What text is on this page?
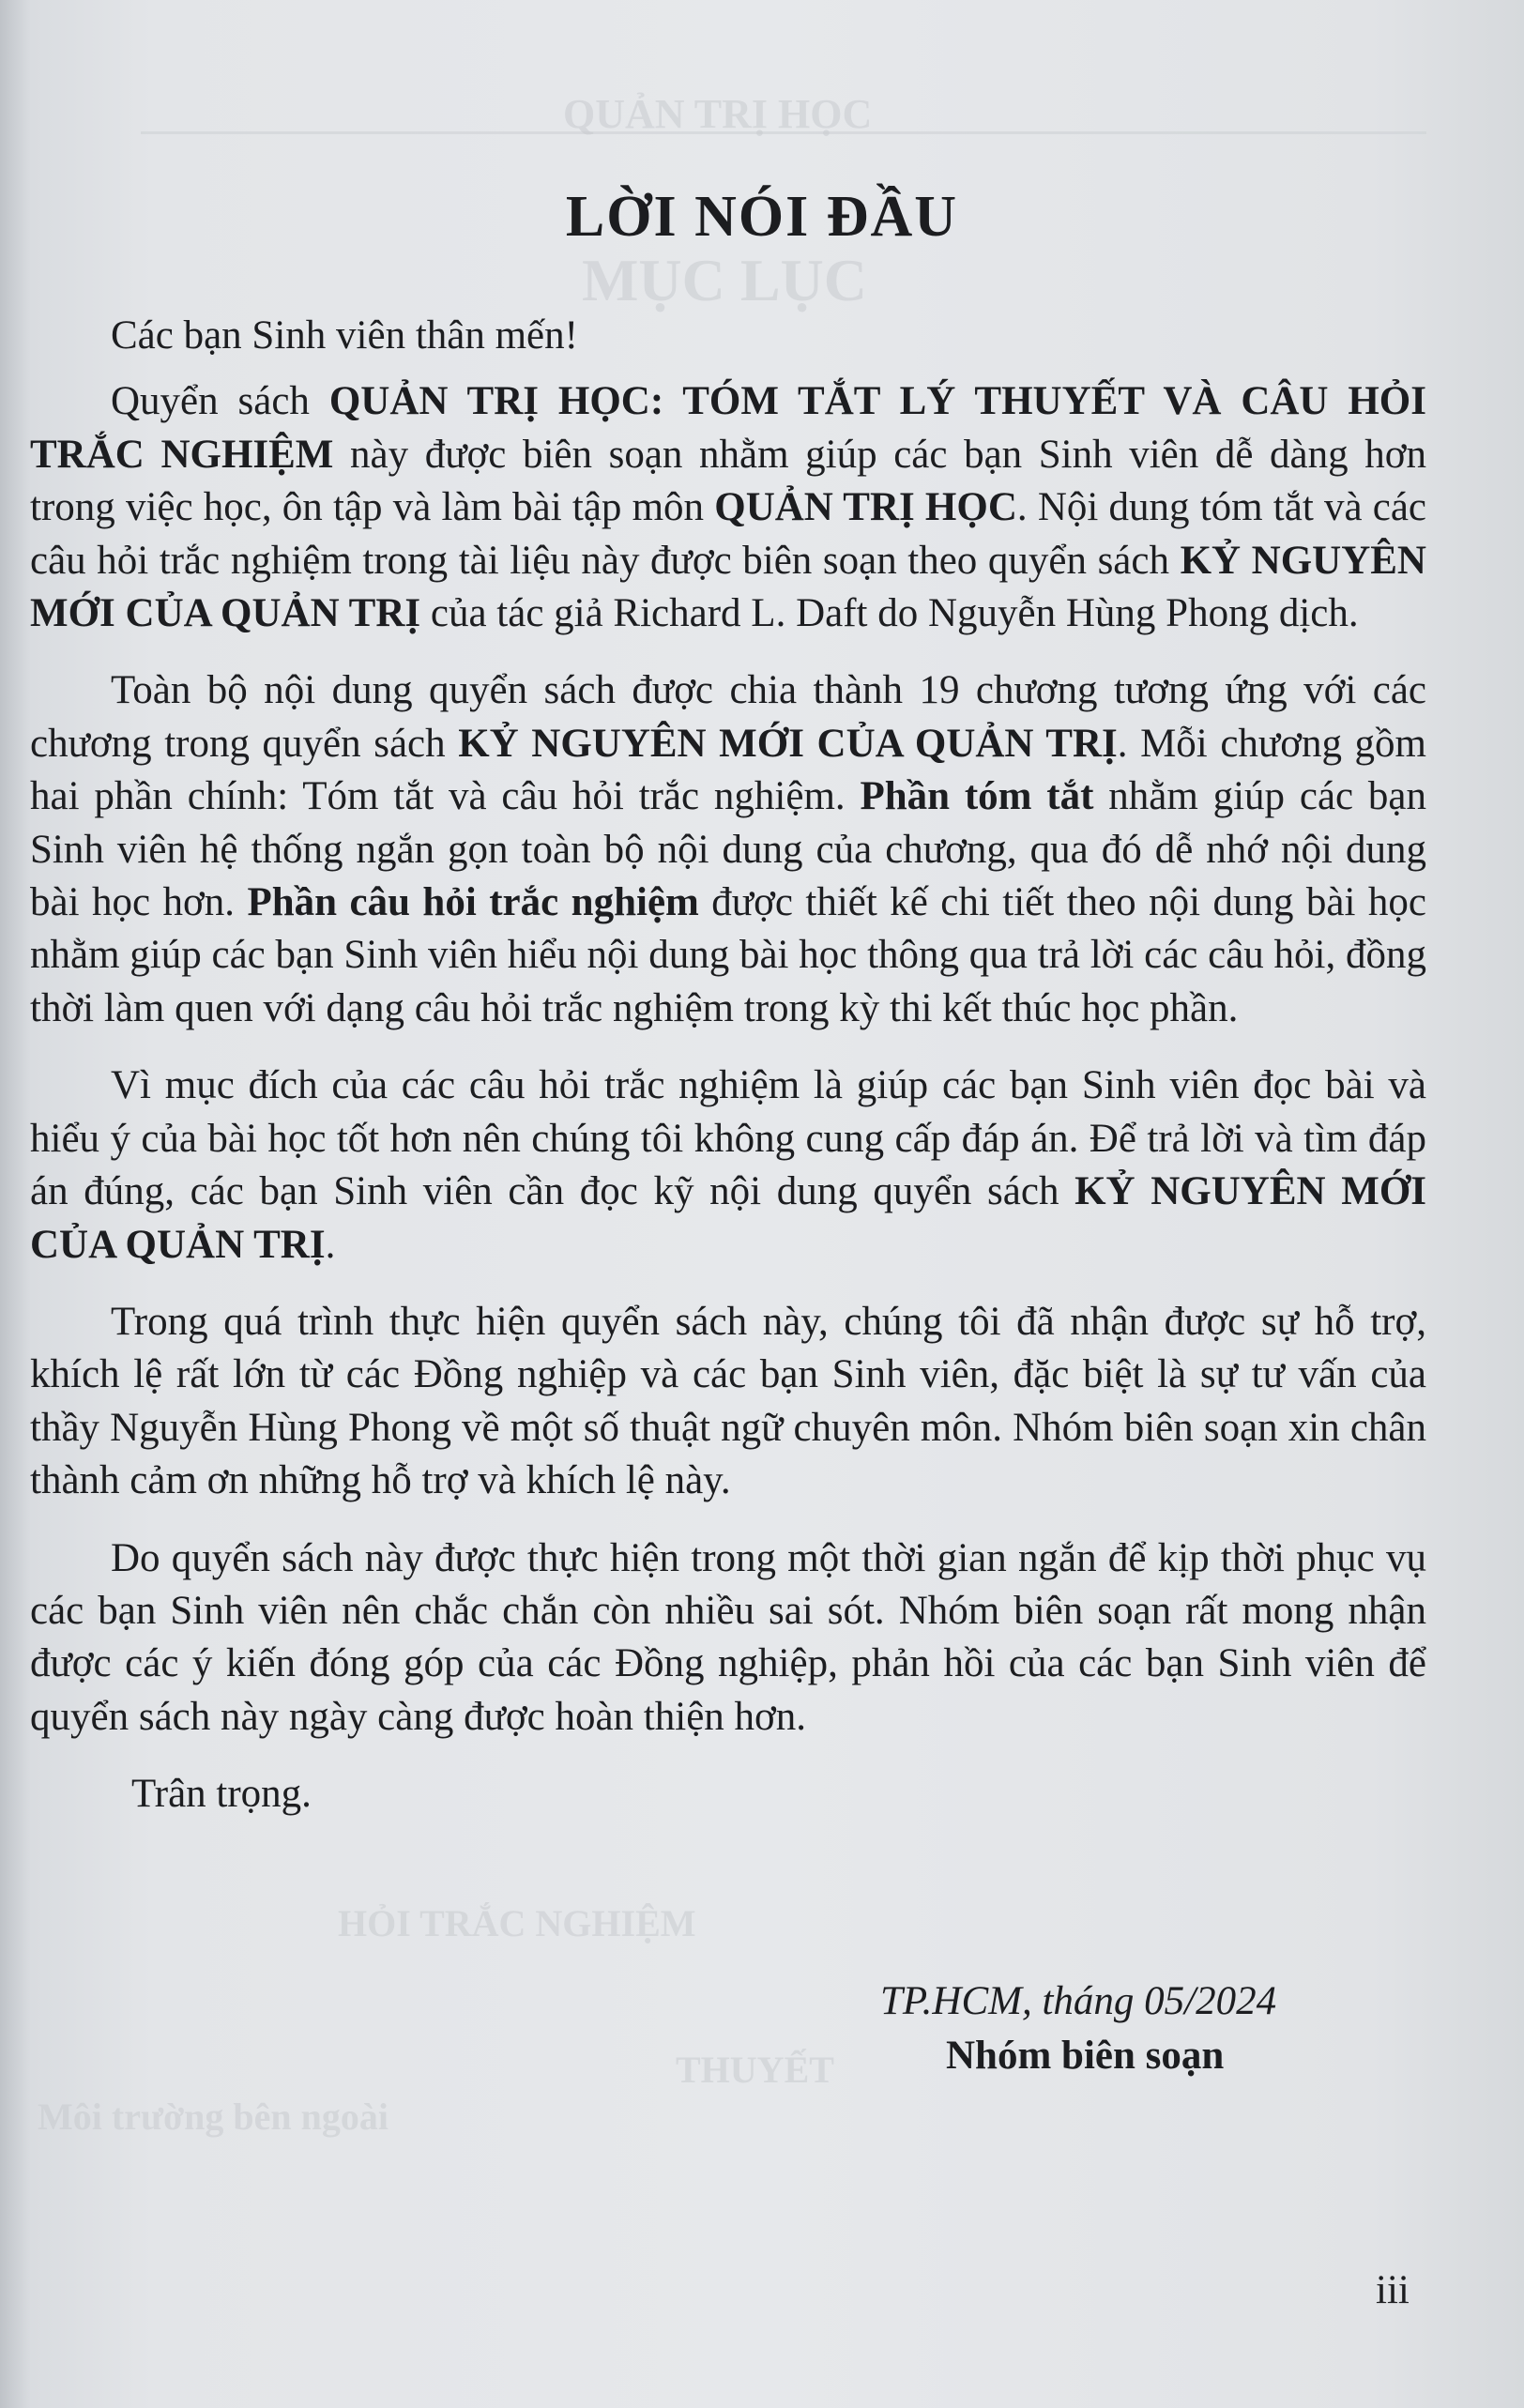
QUẢN TRỊ HỌC
MỤC LỤC
HỎI TRẮC NGHIỆM
THUYẾT
Môi trường bên ngoài
LỜI NÓI ĐẦU

Các bạn Sinh viên thân mến!

Quyển sách QUẢN TRỊ HỌC: TÓM TẮT LÝ THUYẾT VÀ CÂU HỎI TRẮC NGHIỆM này được biên soạn nhằm giúp các bạn Sinh viên dễ dàng hơn trong việc học, ôn tập và làm bài tập môn QUẢN TRỊ HỌC. Nội dung tóm tắt và các câu hỏi trắc nghiệm trong tài liệu này được biên soạn theo quyển sách KỶ NGUYÊN MỚI CỦA QUẢN TRỊ của tác giả Richard L. Daft do Nguyễn Hùng Phong dịch.

Toàn bộ nội dung quyển sách được chia thành 19 chương tương ứng với các chương trong quyển sách KỶ NGUYÊN MỚI CỦA QUẢN TRỊ. Mỗi chương gồm hai phần chính: Tóm tắt và câu hỏi trắc nghiệm. Phần tóm tắt nhằm giúp các bạn Sinh viên hệ thống ngắn gọn toàn bộ nội dung của chương, qua đó dễ nhớ nội dung bài học hơn. Phần câu hỏi trắc nghiệm được thiết kế chi tiết theo nội dung bài học nhằm giúp các bạn Sinh viên hiểu nội dung bài học thông qua trả lời các câu hỏi, đồng thời làm quen với dạng câu hỏi trắc nghiệm trong kỳ thi kết thúc học phần.

Vì mục đích của các câu hỏi trắc nghiệm là giúp các bạn Sinh viên đọc bài và hiểu ý của bài học tốt hơn nên chúng tôi không cung cấp đáp án. Để trả lời và tìm đáp án đúng, các bạn Sinh viên cần đọc kỹ nội dung quyển sách KỶ NGUYÊN MỚI CỦA QUẢN TRỊ.

Trong quá trình thực hiện quyển sách này, chúng tôi đã nhận được sự hỗ trợ, khích lệ rất lớn từ các Đồng nghiệp và các bạn Sinh viên, đặc biệt là sự tư vấn của thầy Nguyễn Hùng Phong về một số thuật ngữ chuyên môn. Nhóm biên soạn xin chân thành cảm ơn những hỗ trợ và khích lệ này.

Do quyển sách này được thực hiện trong một thời gian ngắn để kịp thời phục vụ các bạn Sinh viên nên chắc chắn còn nhiều sai sót. Nhóm biên soạn rất mong nhận được các ý kiến đóng góp của các Đồng nghiệp, phản hồi của các bạn Sinh viên để quyển sách này ngày càng được hoàn thiện hơn.

Trân trọng.

TP.HCM, tháng 05/2024
Nhóm biên soạn
iii
